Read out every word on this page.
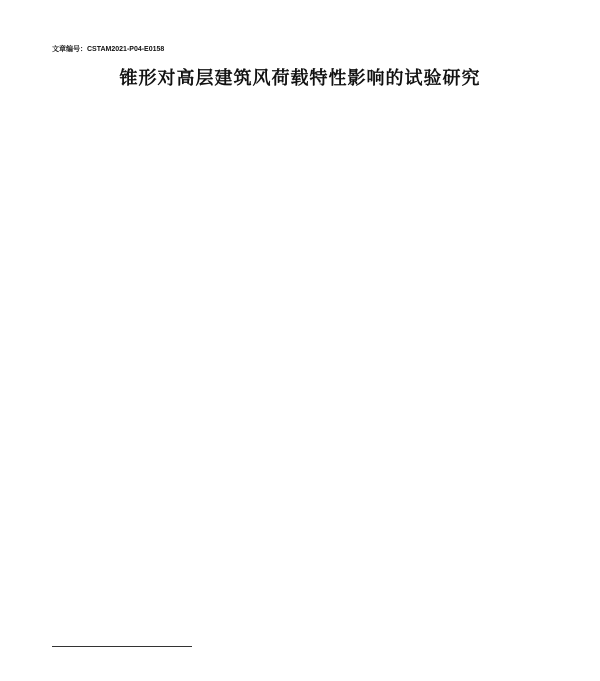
文章编号：CSTAM2021-P04-E0158
锥形对高层建筑风荷载特性影响的试验研究
